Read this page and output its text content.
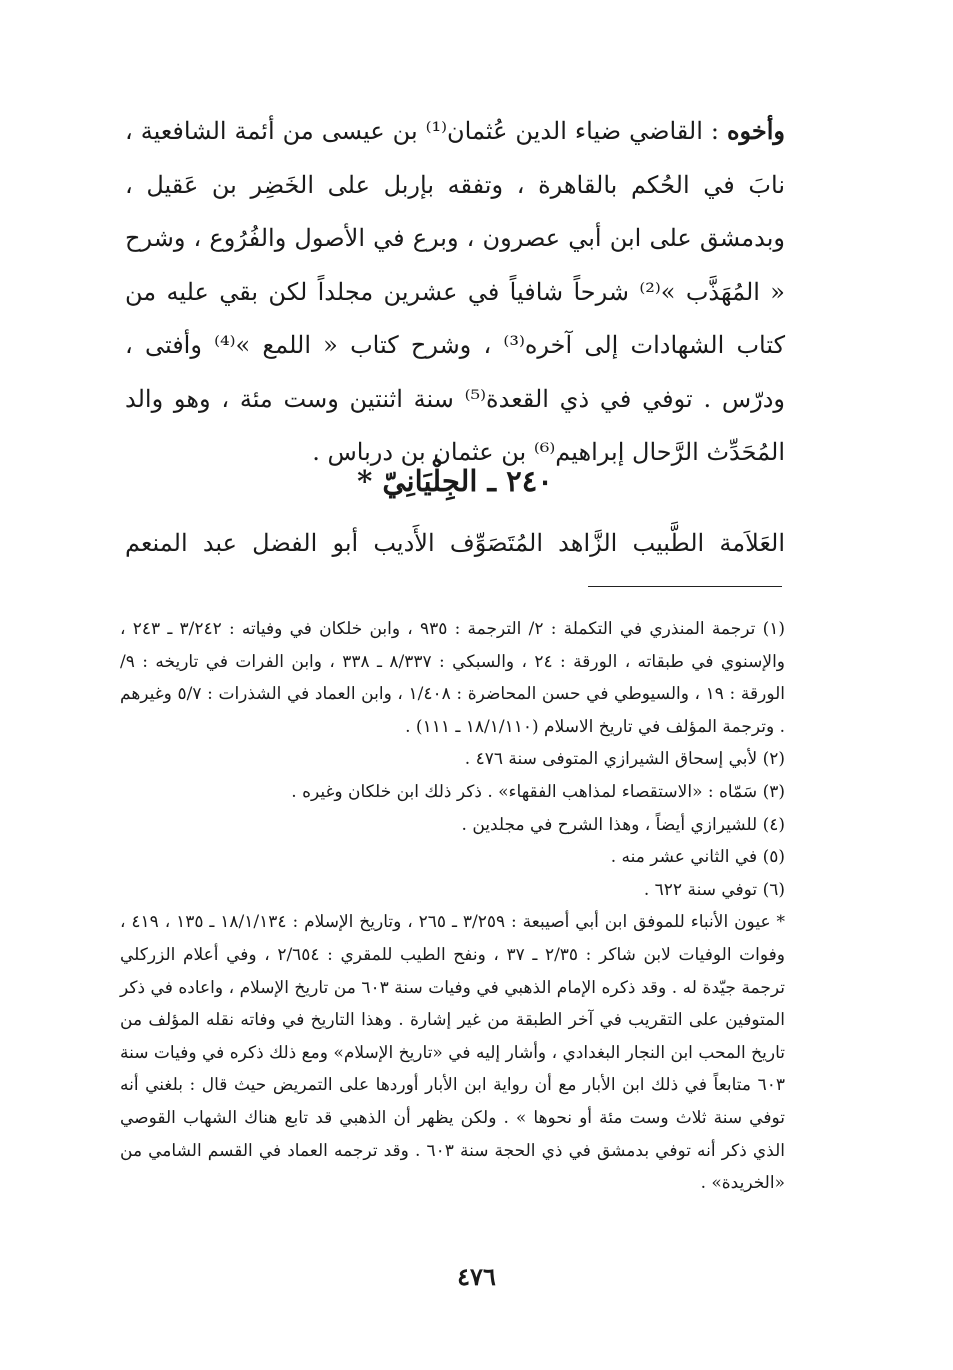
وأخوه : القاضي ضياء الدين عُثمان⁽¹⁾ بن عيسى من أئمة الشافعية ، نابَ في الحُكم بالقاهرة ، وتفقه بإربل على الخَضِر بن عَقيل ، وبدمشق على ابن أبي عصرون ، وبرع في الأصول والفُرُوع ، وشرح « المُهَذَّب »⁽²⁾ شرحاً شافياً في عشرين مجلداً لكن بقي عليه من كتاب الشهادات إلى آخره⁽³⁾ ، وشرح كتاب « اللمع »⁽⁴⁾ وأفتى ، ودرّس . توفي في ذي القعدة⁽⁵⁾ سنة اثنتين وست مئة ، وهو والد المُحَدِّث الرَّحال إبراهيم⁽⁶⁾ بن عثمان بن درباس .

٢٤٠ ـ الجِلْيَانِيّ *
العَلاَمة الطَّبيب الزَّاهد المُتَصَوِّف الأَديب أبو الفضل عبد المنعم

(١) ترجمة المنذري في التكملة : ٢/ الترجمة : ٩٣٥ ، وابن خلكان في وفياته : ٣/٢٤٢ ـ ٢٤٣ ، والإسنوي في طبقاته ، الورقة : ٢٤ ، والسبكي : ٨/٣٣٧ ـ ٣٣٨ ، وابن الفرات في تاريخه : ٩/الورقة : ١٩ ، والسيوطي في حسن المحاضرة : ١/٤٠٨ ، وابن العماد في الشذرات : ٥/٧ وغيرهم . وترجمة المؤلف في تاريخ الاسلام (١٨/١/١١٠ ـ ١١١) .

(٢) لأبي إسحاق الشيرازي المتوفى سنة ٤٧٦ .

(٣) سَمّاه : «الاستقصاء لمذاهب الفقهاء» . ذكر ذلك ابن خلكان وغيره .

(٤) للشيرازي أيضاً ، وهذا الشرح في مجلدين .

(٥) في الثاني عشر منه .

(٦) توفي سنة ٦٢٢ .

* عيون الأنباء للموفق ابن أبي أصيبعة : ٣/٢٥٩ ـ ٢٦٥ ، وتاريخ الإسلام : ١٨/١/١٣٤ ـ ١٣٥ ، ٤١٩ ، وفوات الوفيات لابن شاكر : ٢/٣٥ ـ ٣٧ ، ونفح الطيب للمقري : ٢/٦٥٤ ، وفي أعلام الزركلي ترجمة جيّدة له . وقد ذكره الإمام الذهبي في وفيات سنة ٦٠٣ من تاريخ الإسلام ، واعاده في ذكر المتوفين على التقريب في آخر الطبقة من غير إشارة . وهذا التاريخ في وفاته نقله المؤلف من تاريخ المحب ابن النجار البغدادي ، وأشار إليه في «تاريخ الإسلام» ومع ذلك ذكره في وفيات سنة ٦٠٣ متابعاً في ذلك ابن الأبار مع أن رواية ابن الأبار أوردها على التمريض حيث قال : بلغني أنه توفي سنة ثلاث وست مئة أو نحوها » . ولكن يظهر أن الذهبي قد تابع هناك الشهاب القوصي الذي ذكر أنه توفي بدمشق في ذي الحجة سنة ٦٠٣ . وقد ترجمه العماد في القسم الشامي من «الخريدة» .

٤٧٦
